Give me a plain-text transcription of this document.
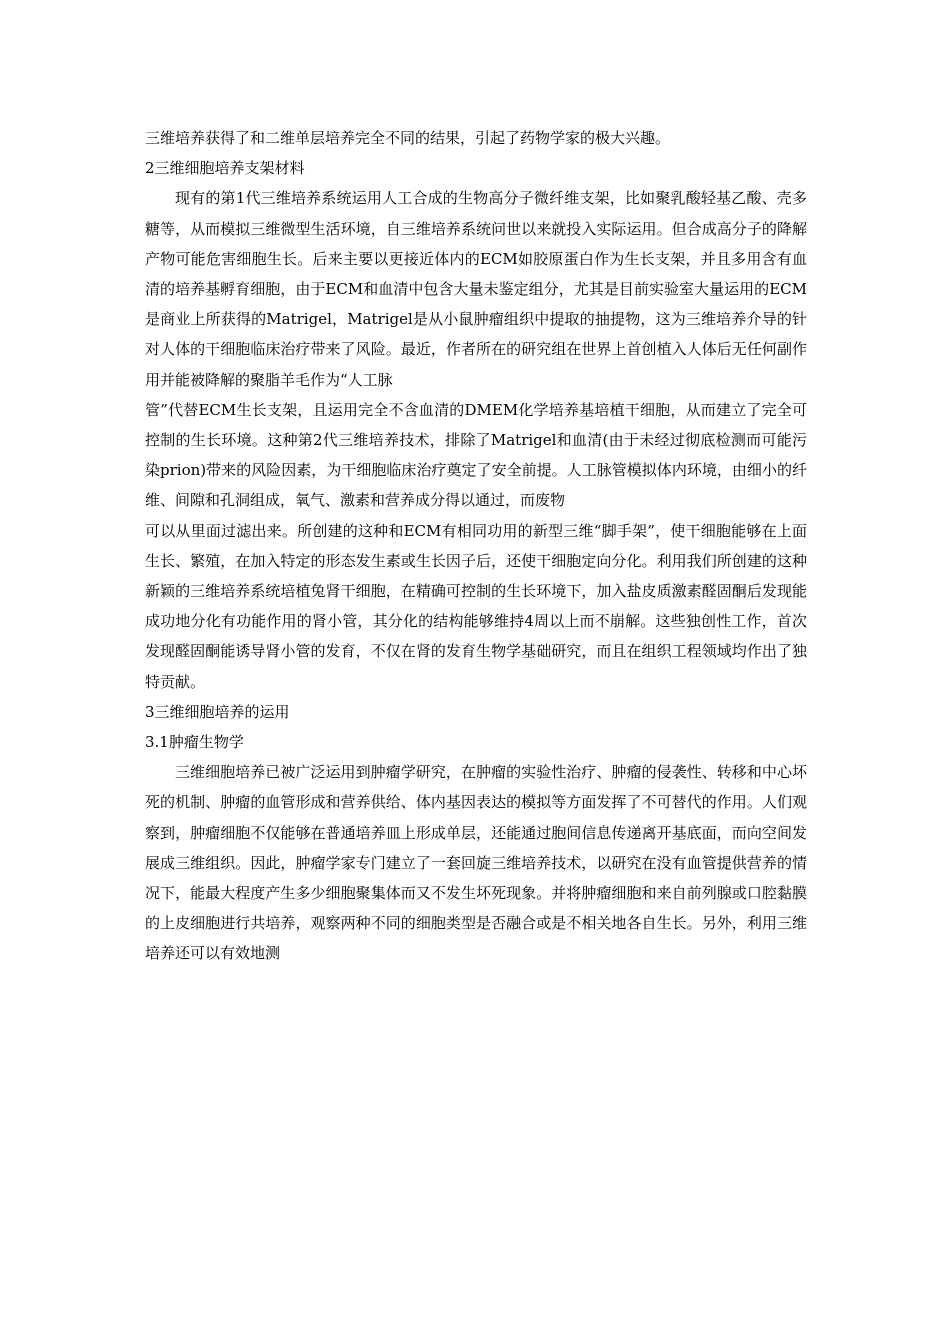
三维培养获得了和二维单层培养完全不同的结果，引起了药物学家的极大兴趣。

2三维细胞培养支架材料

现有的第1代三维培养系统运用人工合成的生物高分子微纤维支架，比如聚乳酸轻基乙酸、壳多糖等，从而模拟三维微型生活环境，自三维培养系统问世以来就投入实际运用。但合成高分子的降解产物可能危害细胞生长。后来主要以更接近体内的ECM如胶原蛋白作为生长支架，并且多用含有血清的培养基孵育细胞，由于ECM和血清中包含大量未鉴定组分，尤其是目前实验室大量运用的ECM是商业上所获得的Matrigel，Matrigel是从小鼠肿瘤组织中提取的抽提物，这为三维培养介导的针对人体的干细胞临床治疗带来了风险。最近，作者所在的研究组在世界上首创植入人体后无任何副作用并能被降解的聚脂羊毛作为“人工脉

管”代替ECM生长支架，且运用完全不含血清的DMEM化学培养基培植干细胞，从而建立了完全可控制的生长环境。这种第2代三维培养技术，排除了Matrigel和血清(由于未经过彻底检测而可能污染prion)带来的风险因素，为干细胞临床治疗奠定了安全前提。人工脉管模拟体内环境，由细小的纤维、间隙和孔洞组成，氧气、激素和营养成分得以通过，而废物

可以从里面过滤出来。所创建的这种和ECM有相同功用的新型三维“脚手架”，使干细胞能够在上面生长、繁殖，在加入特定的形态发生素或生长因子后，还使干细胞定向分化。利用我们所创建的这种新颖的三维培养系统培植兔肾干细胞，在精确可控制的生长环境下，加入盐皮质激素醛固酮后发现能成功地分化有功能作用的肾小管，其分化的结构能够维持4周以上而不崩解。这些独创性工作，首次发现醛固酮能诱导肾小管的发育，不仅在肾的发育生物学基础研究，而且在组织工程领域均作出了独特贡献。

3三维细胞培养的运用

3.1肿瘤生物学

三维细胞培养已被广泛运用到肿瘤学研究，在肿瘤的实验性治疗、肿瘤的侵袭性、转移和中心坏死的机制、肿瘤的血管形成和营养供给、体内基因表达的模拟等方面发挥了不可替代的作用。人们观察到，肿瘤细胞不仅能够在普通培养皿上形成单层，还能通过胞间信息传递离开基底面，而向空间发展成三维组织。因此，肿瘤学家专门建立了一套回旋三维培养技术，以研究在没有血管提供营养的情况下，能最大程度产生多少细胞聚集体而又不发生坏死现象。并将肿瘤细胞和来自前列腺或口腔黏膜的上皮细胞进行共培养，观察两种不同的细胞类型是否融合或是不相关地各自生长。另外，利用三维培养还可以有效地测
